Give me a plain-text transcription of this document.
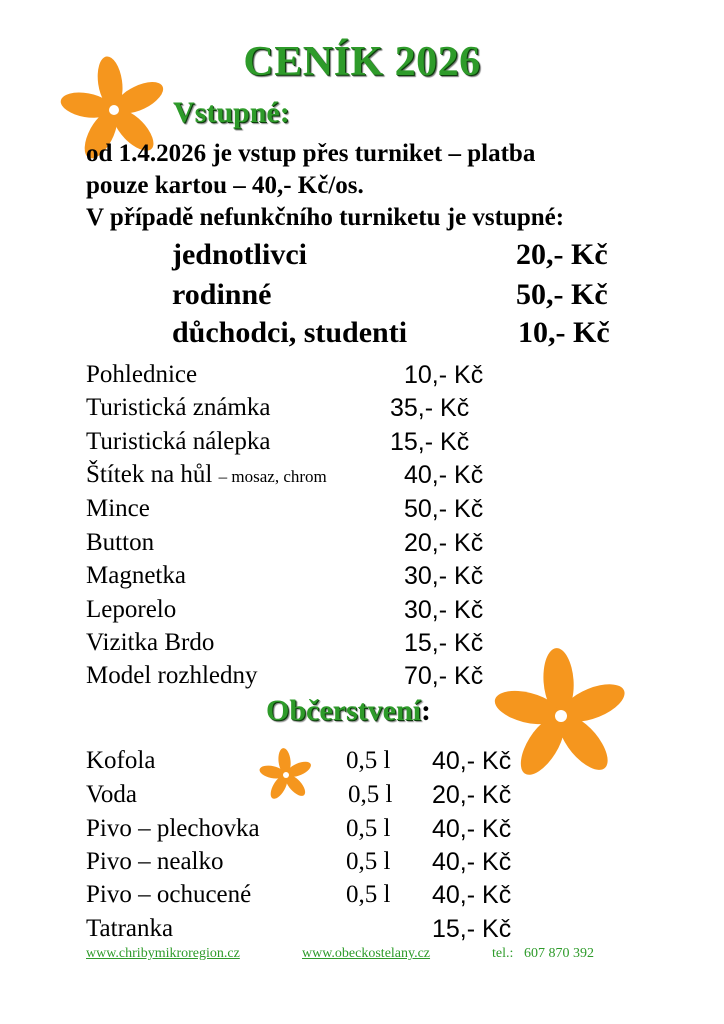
CENÍK 2026
Vstupné:
od 1.4.2026 je vstup přes turniket – platba
pouze kartou – 40,- Kč/os.
V případě nefunkčního turniketu je vstupné:
jednotlivci	20,- Kč
rodinné	50,- Kč
důchodci, studenti	10,- Kč
Pohlednice	10,- Kč
Turistická známka	35,- Kč
Turistická nálepka	15,- Kč
Štítek na hůl – mosaz, chrom	40,- Kč
Mince	50,- Kč
Button	20,- Kč
Magnetka	30,- Kč
Leporelo	30,- Kč
Vizitka Brdo	15,- Kč
Model rozhledny	70,- Kč
Občerstvení:
Kofola	0,5 l 40,- Kč
Voda	0,5 l 20,- Kč
Pivo – plechovka	0,5 l 40,- Kč
Pivo – nealko	0,5 l 40,- Kč
Pivo – ochucené	0,5 l 40,- Kč
Tatranka	15,- Kč
www.chribymikroregion.cz	www.obeckostelany.cz	tel.: 607 870 392
